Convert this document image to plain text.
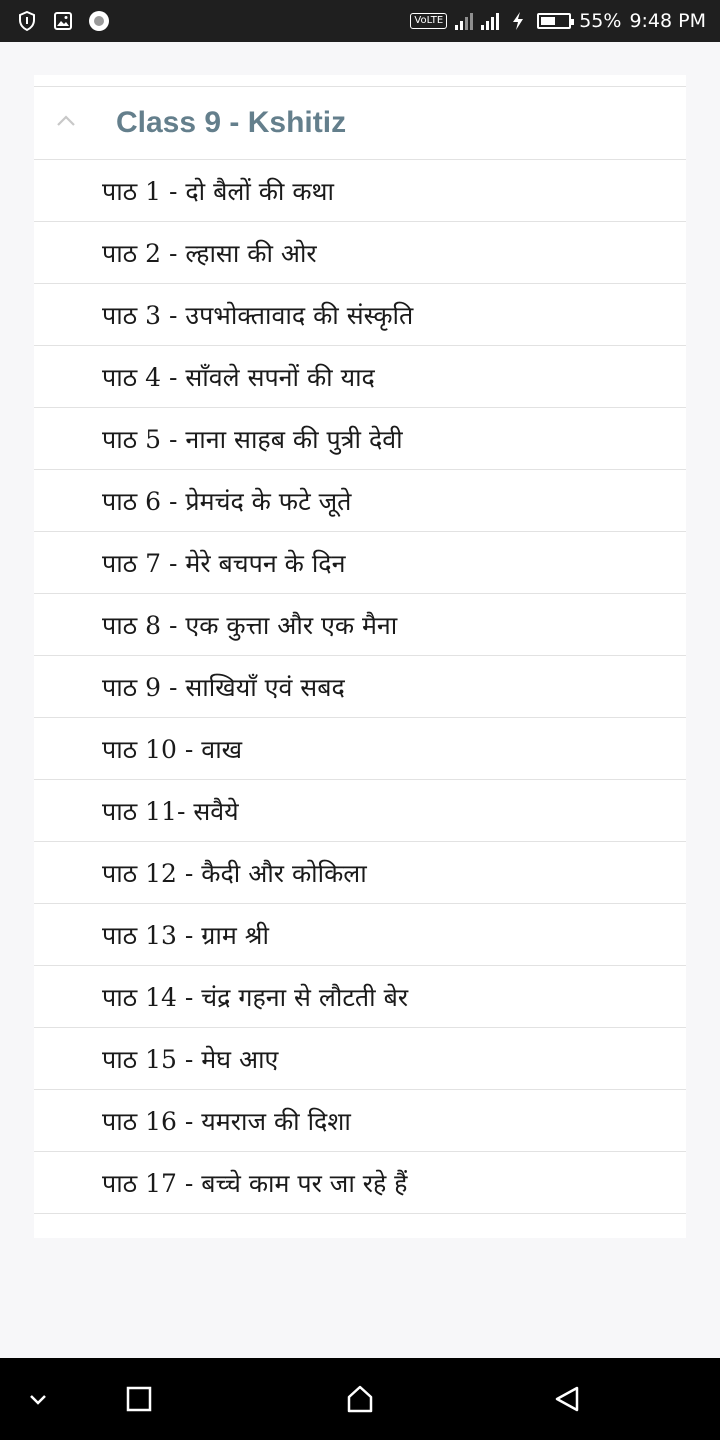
VoLTE	55% 9:48 PM
Class 9 - Kshitiz
पाठ 1 - दो बैलों की कथा
पाठ 2 - ल्हासा की ओर
पाठ 3 - उपभोक्तावाद की संस्कृति
पाठ 4 - साँवले सपनों की याद
पाठ 5 - नाना साहब की पुत्री देवी
पाठ 6 - प्रेमचंद के फटे जूते
पाठ 7 - मेरे बचपन के दिन
पाठ 8 - एक कुत्ता और एक मैना
पाठ 9 - साखियाँ एवं सबद
पाठ 10 - वाख
पाठ 11- सवैये
पाठ 12 - कैदी और कोकिला
पाठ 13 - ग्राम श्री
पाठ 14 - चंद्र गहना से लौटती बेर
पाठ 15 - मेघ आए
पाठ 16 - यमराज की दिशा
पाठ 17 - बच्चे काम पर जा रहे हैं
